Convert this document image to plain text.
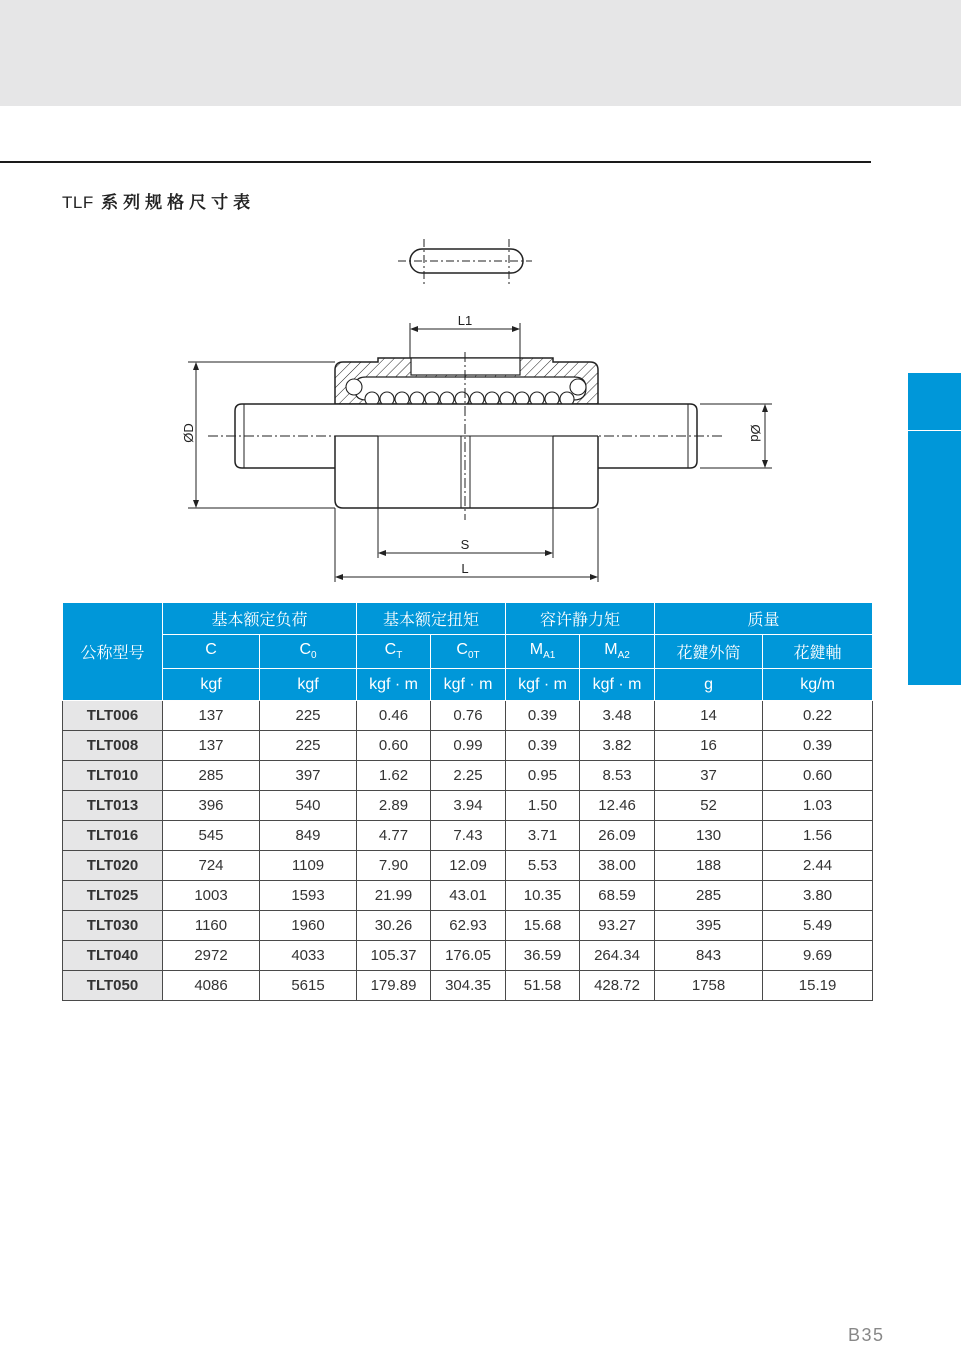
TLF 系列规格尺寸表
L1
ØD	Ød
S
L
公称型号	基本额定负荷		基本额定扭矩		容许静力矩		质量	
	C	$C_0$	$C_T$	$C_{0T}$	$M_{A1}$	$M_{A2}$	花鍵外筒	花鍵軸
	kgf	kgf	kgf · m	kgf · m	kgf · m	kgf · m	g	kg/m
TLT006	137	225	0.46	0.76	0.39	3.48	14	0.22
TLT008	137	225	0.60	0.99	0.39	3.82	16	0.39
TLT010	285	397	1.62	2.25	0.95	8.53	37	0.60
TLT013	396	540	2.89	3.94	1.50	12.46	52	1.03
TLT016	545	849	4.77	7.43	3.71	26.09	130	1.56
TLT020	724	1109	7.90	12.09	5.53	38.00	188	2.44
TLT025	1003	1593	21.99	43.01	10.35	68.59	285	3.80
TLT030	1160	1960	30.26	62.93	15.68	93.27	395	5.49
TLT040	2972	4033	105.37	176.05	36.59	264.34	843	9.69
TLT050	4086	5615	179.89	304.35	51.58	428.72	1758	15.19
B35
